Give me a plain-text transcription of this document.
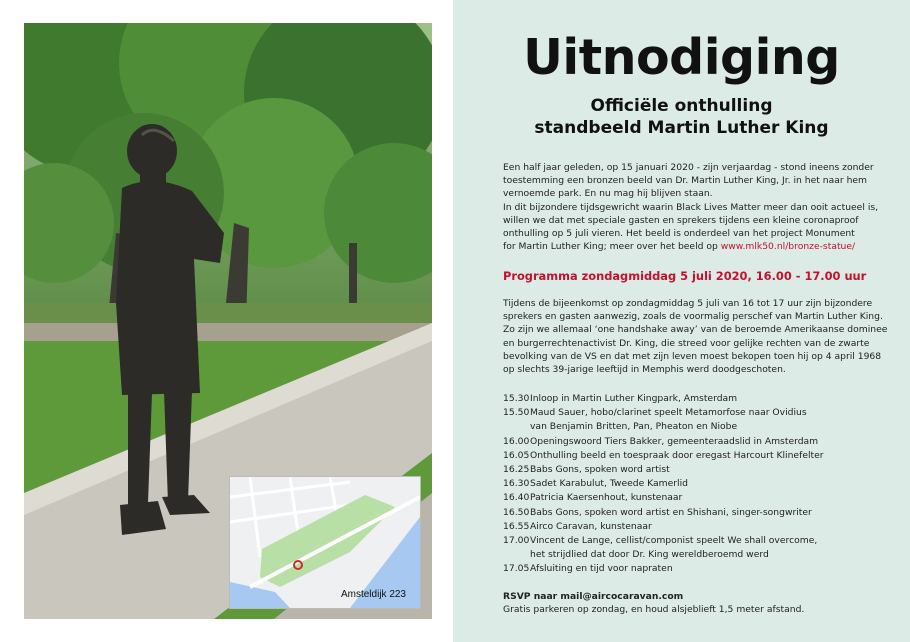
Amsteldijk 223
Uitnodiging
Officiële onthulling
standbeeld Martin Luther King

Een half jaar geleden, op 15 januari 2020 - zijn verjaardag - stond ineens zonder

toestemming een bronzen beeld van Dr. Martin Luther King, Jr. in het naar hem

vernoemde park. En nu mag hij blijven staan.

In dit bijzondere tijdsgewricht waarin Black Lives Matter meer dan ooit actueel is,

willen we dat met speciale gasten en sprekers tijdens een kleine coronaproof

onthulling op 5 juli vieren. Het beeld is onderdeel van het project Monument

for Martin Luther King; meer over het beeld op www.mlk50.nl/bronze-statue/

Programma zondagmiddag 5 juli 2020, 16.00 - 17.00 uur
Tijdens de bijeenkomst op zondagmiddag 5 juli van 16 tot 17 uur zijn bijzondere
sprekers en gasten aanwezig, zoals de voormalig perschef van Martin Luther King.
Zo zijn we allemaal ‘one handshake away’ van de beroemde Amerikaanse dominee
en burgerrechtenactivist Dr. King, die streed voor gelijke rechten van de zwarte
bevolking van de VS en dat met zijn leven moest bekopen toen hij op 4 april 1968
op slechts 39-jarige leeftijd in Memphis werd doodgeschoten.
15.30 Inloop in Martin Luther Kingpark, Amsterdam
15.50 Maud Sauer, hobo/clarinet speelt Metamorfose naar Ovidius
van Benjamin Britten, Pan, Pheaton en Niobe
16.00 Openingswoord Tiers Bakker, gemeenteraadslid in Amsterdam
16.05 Onthulling beeld en toespraak door eregast Harcourt Klinefelter
16.25 Babs Gons, spoken word artist
16.30 Sadet Karabulut, Tweede Kamerlid
16.40 Patricia Kaersenhout, kunstenaar
16.50 Babs Gons, spoken word artist en Shishani, singer-songwriter
16.55 Airco Caravan, kunstenaar
17.00 Vincent de Lange, cellist/componist speelt We shall overcome,
het strijdlied dat door Dr. King wereldberoemd werd
17.05 Afsluiting en tijd voor napraten
RSVP naar mail@aircocaravan.com
Gratis parkeren op zondag, en houd alsjeblieft 1,5 meter afstand.
